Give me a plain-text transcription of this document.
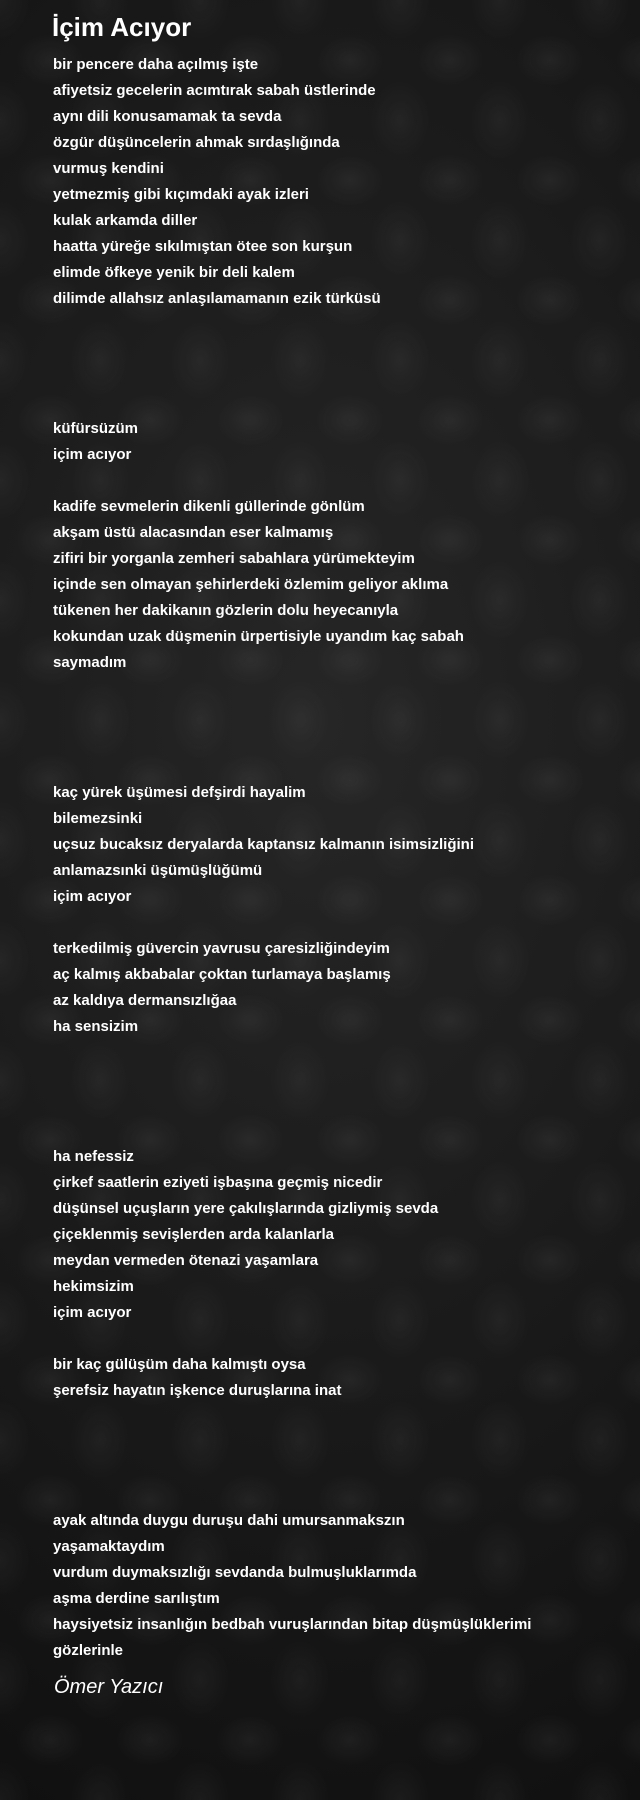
İçim Acıyor
bir pencere daha açılmış işte
afiyetsiz gecelerin acımtırak sabah üstlerinde
aynı dili konusamamak ta sevda
özgür düşüncelerin ahmak sırdaşlığında
vurmuş kendini
yetmezmiş gibi kıçımdaki ayak izleri
kulak arkamda diller
haatta yüreğe sıkılmıştan ötee son kurşun
elimde öfkeye yenik bir deli kalem
dilimde allahsız anlaşılamamanın ezik türküsü
küfürsüzüm
içim acıyor
kadife sevmelerin dikenli güllerinde gönlüm
akşam üstü alacasından eser kalmamış
zifiri bir yorganla zemheri sabahlara yürümekteyim
içinde sen olmayan şehirlerdeki özlemim geliyor aklıma
tükenen her dakikanın gözlerin dolu heyecanıyla
kokundan uzak düşmenin ürpertisiyle uyandım kaç sabah
saymadım
kaç yürek üşümesi defşirdi hayalim
bilemezsinki
uçsuz bucaksız deryalarda kaptansız kalmanın isimsizliğini
anlamazsınki üşümüşlüğümü
içim acıyor
terkedilmiş güvercin yavrusu çaresizliğindeyim
aç kalmış akbabalar çoktan turlamaya başlamış
az kaldıya dermansızlığaa
ha sensizim
ha nefessiz
çirkef saatlerin eziyeti işbaşına geçmiş nicedir
düşünsel uçuşların yere çakılışlarında gizliymiş sevda
çiçeklenmiş sevişlerden arda kalanlarla
meydan vermeden ötenazi yaşamlara
hekimsizim
içim acıyor
bir kaç gülüşüm daha kalmıştı oysa
şerefsiz hayatın işkence duruşlarına inat
ayak altında duygu duruşu dahi umursanmakszın
yaşamaktaydım
vurdum duymaksızlığı sevdanda bulmuşluklarımda
aşma derdine sarılıştım
haysiyetsiz insanlığın bedbah vuruşlarından bitap düşmüşlüklerimi
gözlerinle
Ömer Yazıcı
